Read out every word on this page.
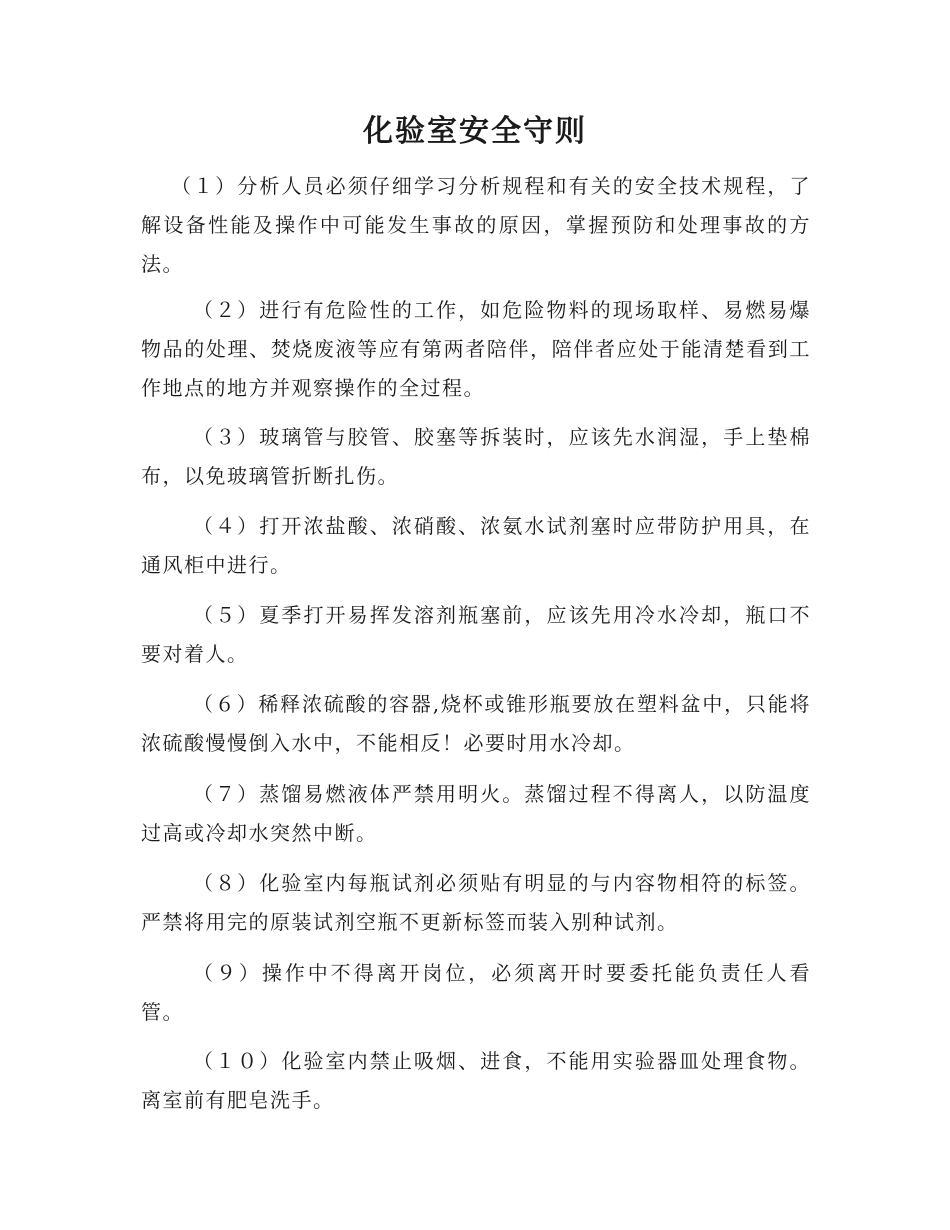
化验室安全守则

（１）分析人员必须仔细学习分析规程和有关的安全技术规程，了解设备性能及操作中可能发生事故的原因，掌握预防和处理事故的方法。

（２）进行有危险性的工作，如危险物料的现场取样、易燃易爆物品的处理、焚烧废液等应有第两者陪伴，陪伴者应处于能清楚看到工作地点的地方并观察操作的全过程。

（３）玻璃管与胶管、胶塞等拆装时，应该先水润湿，手上垫棉布，以免玻璃管折断扎伤。

（４）打开浓盐酸、浓硝酸、浓氨水试剂塞时应带防护用具，在通风柜中进行。

（５）夏季打开易挥发溶剂瓶塞前，应该先用冷水冷却，瓶口不要对着人。

（６）稀释浓硫酸的容器,烧杯或锥形瓶要放在塑料盆中，只能将浓硫酸慢慢倒入水中，不能相反！必要时用水冷却。

（７）蒸馏易燃液体严禁用明火。蒸馏过程不得离人，以防温度过高或冷却水突然中断。

（８）化验室内每瓶试剂必须贴有明显的与内容物相符的标签。严禁将用完的原装试剂空瓶不更新标签而装入别种试剂。

（９）操作中不得离开岗位，必须离开时要委托能负责任人看管。

（１０）化验室内禁止吸烟、进食，不能用实验器皿处理食物。离室前有肥皂洗手。
